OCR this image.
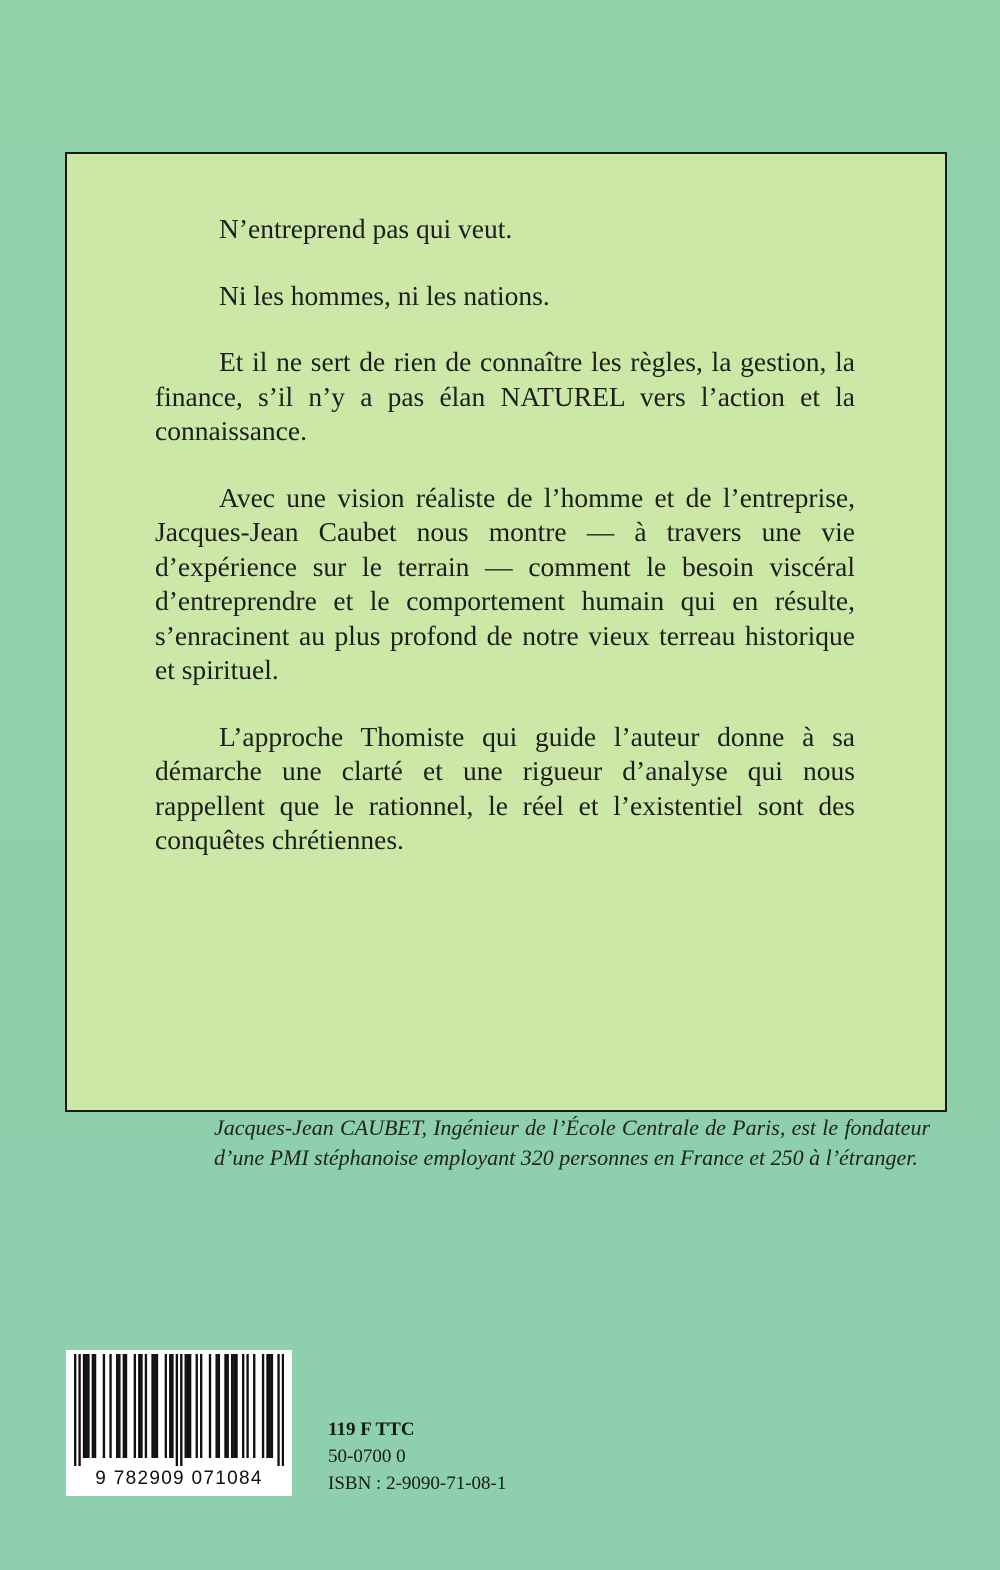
N’entreprend pas qui veut.

Ni les hommes, ni les nations.

Et il ne sert de rien de connaître les règles, la gestion, la finance, s’il n’y a pas élan NATUREL vers l’action et la connaissance.

Avec une vision réaliste de l’homme et de l’entreprise, Jacques-Jean Caubet nous montre — à travers une vie d’expérience sur le terrain — comment le besoin viscéral d’entreprendre et le comportement humain qui en résulte, s’enracinent au plus profond de notre vieux terreau historique et spirituel.

L’approche Thomiste qui guide l’auteur donne à sa démarche une clarté et une rigueur d’analyse qui nous rappellent que le rationnel, le réel et l’existentiel sont des conquêtes chrétiennes.

Jacques-Jean CAUBET, Ingénieur de l’École Centrale de Paris, est le fondateur d’une PMI stéphanoise employant 320 personnes en France et 250 à l’étranger.

9 782909 071084
119 F TTC
50-0700 0
ISBN : 2-9090-71-08-1
